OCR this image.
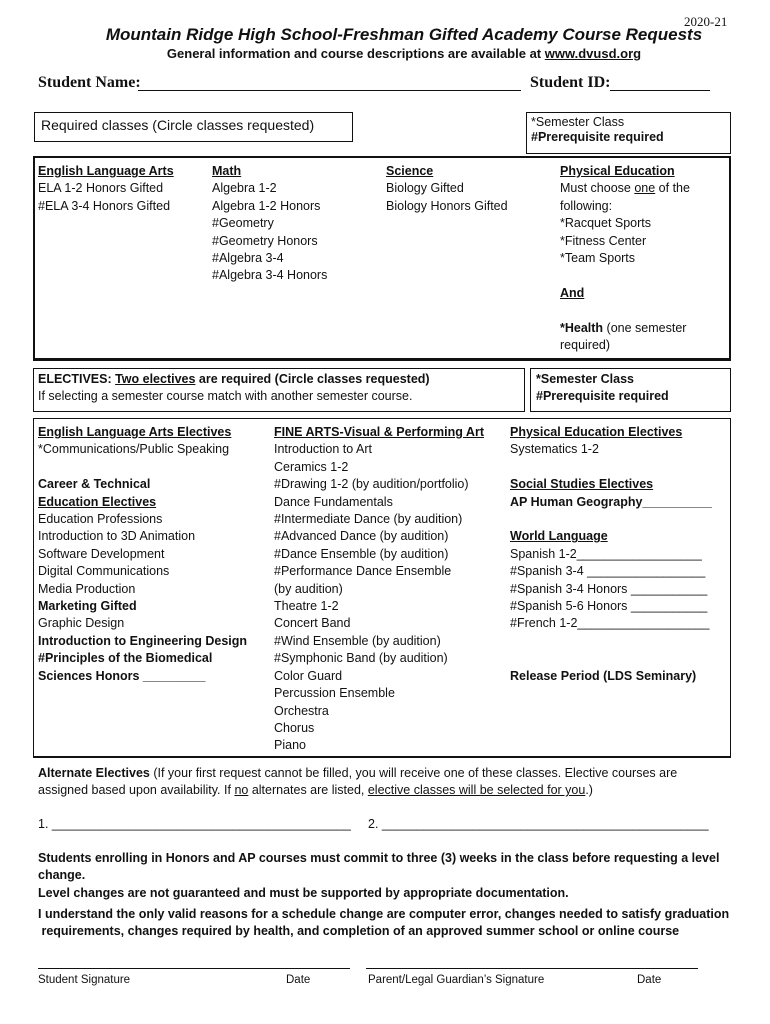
2020-21
Mountain Ridge High School-Freshman Gifted Academy Course Requests
General information and course descriptions are available at www.dvusd.org
Student Name:	Student ID:
Required classes (Circle classes requested)	*Semester Class
#Prerequisite required
English Language Arts
ELA 1-2 Honors Gifted
#ELA 3-4 Honors Gifted
Math
Algebra 1-2
Algebra 1-2 Honors
#Geometry
#Geometry Honors
#Algebra 3-4
#Algebra 3-4 Honors
Science
Biology Gifted
Biology Honors Gifted
Physical Education
Must choose one of the
following:
*Racquet Sports
*Fitness Center
*Team Sports
And
*Health (one semester
required)
ELECTIVES: Two electives are required (Circle classes requested)
If selecting a semester course match with another semester course.
*Semester Class
#Prerequisite required
English Language Arts Electives
*Communications/Public Speaking
Career & Technical
Education Electives
Education Professions
Introduction to 3D Animation
Software Development
Digital Communications
Media Production
Marketing Gifted
Graphic Design
Introduction to Engineering Design
#Principles of the Biomedical
Sciences Honors _________
FINE ARTS-Visual & Performing Art
Introduction to Art
Ceramics 1-2
#Drawing 1-2 (by audition/portfolio)
Dance Fundamentals
#Intermediate Dance (by audition)
#Advanced Dance (by audition)
#Dance Ensemble (by audition)
#Performance Dance Ensemble
(by audition)
Theatre 1-2
Concert Band
#Wind Ensemble (by audition)
#Symphonic Band (by audition)
Color Guard
Percussion Ensemble
Orchestra
Chorus
Piano
Physical Education Electives
Systematics 1-2
Social Studies Electives
AP Human Geography__________
World Language
Spanish 1-2__________________
#Spanish 3-4 _________________
#Spanish 3-4 Honors ___________
#Spanish 5-6 Honors ___________
#French 1-2___________________
Release Period (LDS Seminary)
Alternate Electives (If your first request cannot be filled, you will receive one of these classes. Elective courses are
assigned based upon availability. If no alternates are listed, elective classes will be selected for you.)
1. ___________________________________________ 2. _______________________________________________
Students enrolling in Honors and AP courses must commit to three (3) weeks in the class before requesting a level change.
Level changes are not guaranteed and must be supported by appropriate documentation.
I understand the only valid reasons for a schedule change are computer error, changes needed to satisfy graduation
requirements, changes required by health, and completion of an approved summer school or online course
Student Signature	Date	Parent/Legal Guardian’s Signature	Date
